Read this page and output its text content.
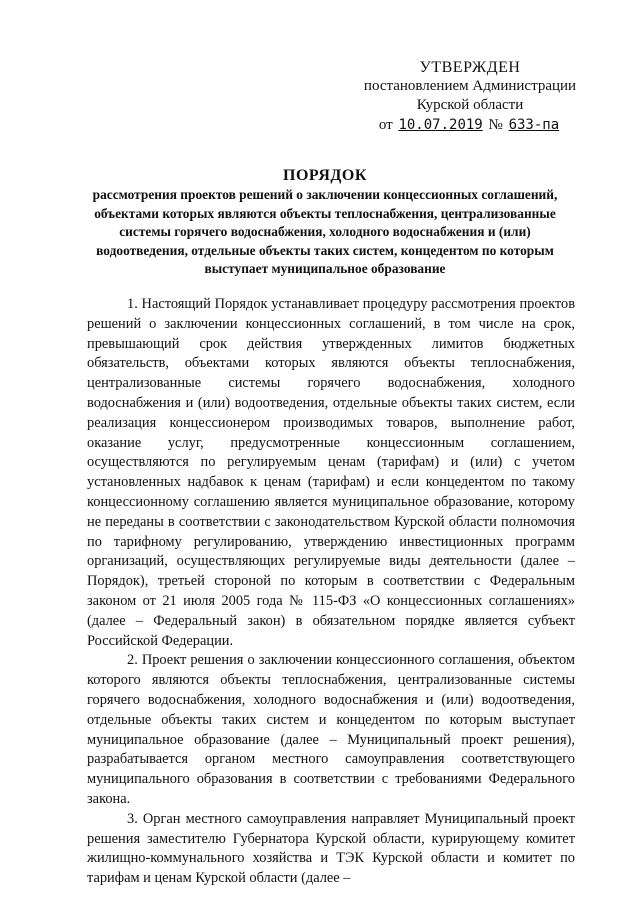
УТВЕРЖДЕН
постановлением Администрации
Курской области
от 10.07.2019 № 633-па
ПОРЯДОК
рассмотрения проектов решений о заключении концессионных соглашений, объектами которых являются объекты теплоснабжения, централизованные системы горячего водоснабжения, холодного водоснабжения и (или) водоотведения, отдельные объекты таких систем, концедентом по которым выступает муниципальное образование

1. Настоящий Порядок устанавливает процедуру рассмотрения проектов решений о заключении концессионных соглашений, в том числе на срок, превышающий срок действия утвержденных лимитов бюджетных обязательств, объектами которых являются объекты теплоснабжения, централизованные системы горячего водоснабжения, холодного водоснабжения и (или) водоотведения, отдельные объекты таких систем, если реализация концессионером производимых товаров, выполнение работ, оказание услуг, предусмотренные концессионным соглашением, осуществляются по регулируемым ценам (тарифам) и (или) с учетом установленных надбавок к ценам (тарифам) и если концедентом по такому концессионному соглашению является муниципальное образование, которому не переданы в соответствии с законодательством Курской области полномочия по тарифному регулированию, утверждению инвестиционных программ организаций, осуществляющих регулируемые виды деятельности (далее – Порядок), третьей стороной по которым в соответствии с Федеральным законом от 21 июля 2005 года № 115-ФЗ «О концессионных соглашениях» (далее – Федеральный закон) в обязательном порядке является субъект Российской Федерации.

2. Проект решения о заключении концессионного соглашения, объектом которого являются объекты теплоснабжения, централизованные системы горячего водоснабжения, холодного водоснабжения и (или) водоотведения, отдельные объекты таких систем и концедентом по которым выступает муниципальное образование (далее – Муниципальный проект решения), разрабатывается органом местного самоуправления соответствующего муниципального образования в соответствии с требованиями Федерального закона.

3. Орган местного самоуправления направляет Муниципальный проект решения заместителю Губернатора Курской области, курирующему комитет жилищно-коммунального хозяйства и ТЭК Курской области и комитет по тарифам и ценам Курской области (далее –
